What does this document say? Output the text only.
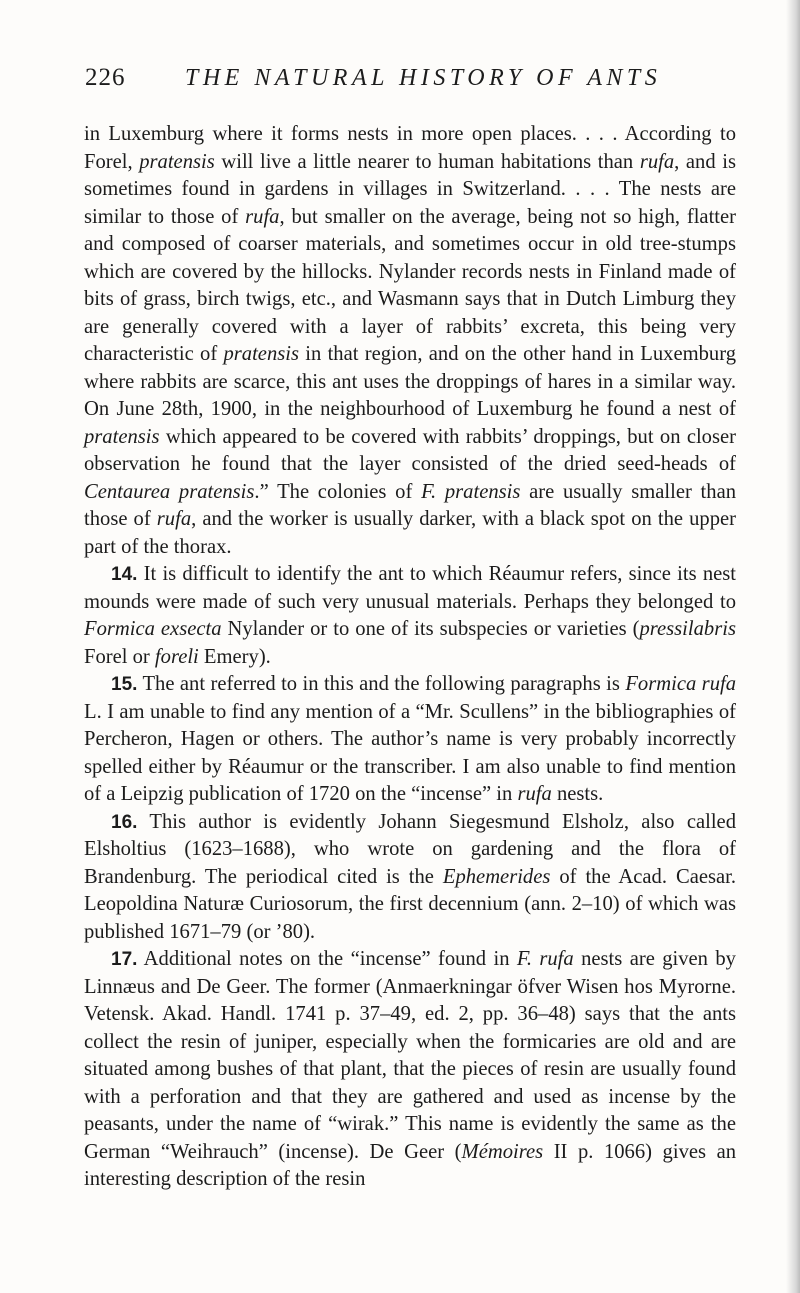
226	THE NATURAL HISTORY OF ANTS

in Luxemburg where it forms nests in more open places. . . . According to Forel, pratensis will live a little nearer to human habitations than rufa, and is sometimes found in gardens in villages in Switzerland. . . . The nests are similar to those of rufa, but smaller on the average, being not so high, flatter and composed of coarser materials, and sometimes occur in old tree-stumps which are covered by the hillocks. Nylander records nests in Finland made of bits of grass, birch twigs, etc., and Wasmann says that in Dutch Limburg they are generally covered with a layer of rabbits’ excreta, this being very characteristic of pratensis in that region, and on the other hand in Luxemburg where rabbits are scarce, this ant uses the droppings of hares in a similar way. On June 28th, 1900, in the neighbourhood of Luxemburg he found a nest of pratensis which appeared to be covered with rabbits’ droppings, but on closer observation he found that the layer consisted of the dried seed-heads of Centaurea pratensis.” The colonies of F. pratensis are usually smaller than those of rufa, and the worker is usually darker, with a black spot on the upper part of the thorax.

14. It is difficult to identify the ant to which Réaumur refers, since its nest mounds were made of such very unusual materials. Perhaps they belonged to Formica exsecta Nylander or to one of its subspecies or varieties (pressilabris Forel or foreli Emery).

15. The ant referred to in this and the following paragraphs is Formica rufa L. I am unable to find any mention of a “Mr. Scullens” in the bibliographies of Percheron, Hagen or others. The author’s name is very probably incorrectly spelled either by Réaumur or the transcriber. I am also unable to find mention of a Leipzig publication of 1720 on the “incense” in rufa nests.

16. This author is evidently Johann Siegesmund Elsholz, also called Elsholtius (1623–1688), who wrote on gardening and the flora of Brandenburg. The periodical cited is the Ephemerides of the Acad. Caesar. Leopoldina Naturæ Curiosorum, the first decennium (ann. 2–10) of which was published 1671–79 (or ’80).

17. Additional notes on the “incense” found in F. rufa nests are given by Linnæus and De Geer. The former (Anmaerkningar öfver Wisen hos Myrorne. Vetensk. Akad. Handl. 1741 p. 37–49, ed. 2, pp. 36–48) says that the ants collect the resin of juniper, especially when the formicaries are old and are situated among bushes of that plant, that the pieces of resin are usually found with a perforation and that they are gathered and used as incense by the peasants, under the name of “wirak.” This name is evidently the same as the German “Weihrauch” (incense). De Geer (Mémoires II p. 1066) gives an interesting description of the resin
